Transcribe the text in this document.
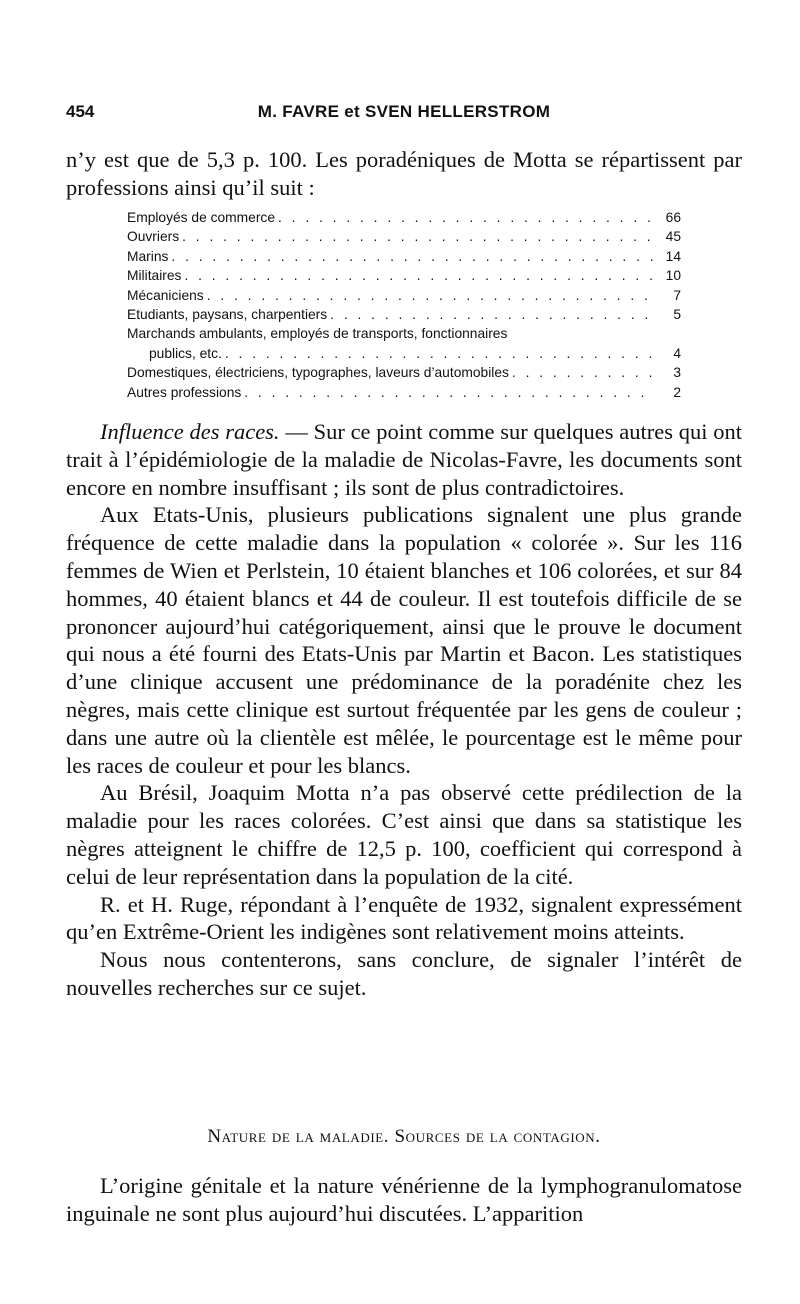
454	M. FAVRE et SVEN HELLERSTROM

n’y est que de 5,3 p. 100. Les poradéniques de Motta se répartissent par professions ainsi qu’il suit :

Employés de commerce . . .	66
Ouvriers . . .	45
Marins . . .	14
Militaires . . .	10
Mécaniciens . . .	7
Etudiants, paysans, charpentiers . . .	5
Marchands ambulants, employés de transports, fonctionnaires
publics, etc. . . .	4
Domestiques, électriciens, typographes, laveurs d’automobiles . . .	3
Autres professions . . .	2

Influence des races. — Sur ce point comme sur quelques autres qui ont trait à l’épidémiologie de la maladie de Nicolas-Favre, les documents sont encore en nombre insuffisant ; ils sont de plus contradictoires.

Aux Etats-Unis, plusieurs publications signalent une plus grande fréquence de cette maladie dans la population « colorée ». Sur les 116 femmes de Wien et Perlstein, 10 étaient blanches et 106 colorées, et sur 84 hommes, 40 étaient blancs et 44 de couleur. Il est toutefois difficile de se prononcer aujourd’hui catégoriquement, ainsi que le prouve le document qui nous a été fourni des Etats-Unis par Martin et Bacon. Les statistiques d’une clinique accusent une prédominance de la poradénite chez les nègres, mais cette clinique est surtout fréquentée par les gens de couleur ; dans une autre où la clientèle est mêlée, le pourcentage est le même pour les races de couleur et pour les blancs.

Au Brésil, Joaquim Motta n’a pas observé cette prédilection de la maladie pour les races colorées. C’est ainsi que dans sa statistique les nègres atteignent le chiffre de 12,5 p. 100, coefficient qui correspond à celui de leur représentation dans la population de la cité.

R. et H. Ruge, répondant à l’enquête de 1932, signalent expressément qu’en Extrême-Orient les indigènes sont relativement moins atteints.

Nous nous contenterons, sans conclure, de signaler l’intérêt de nouvelles recherches sur ce sujet.

Nature de la maladie. Sources de la contagion.

L’origine génitale et la nature vénérienne de la lymphogranulomatose inguinale ne sont plus aujourd’hui discutées. L’apparition
